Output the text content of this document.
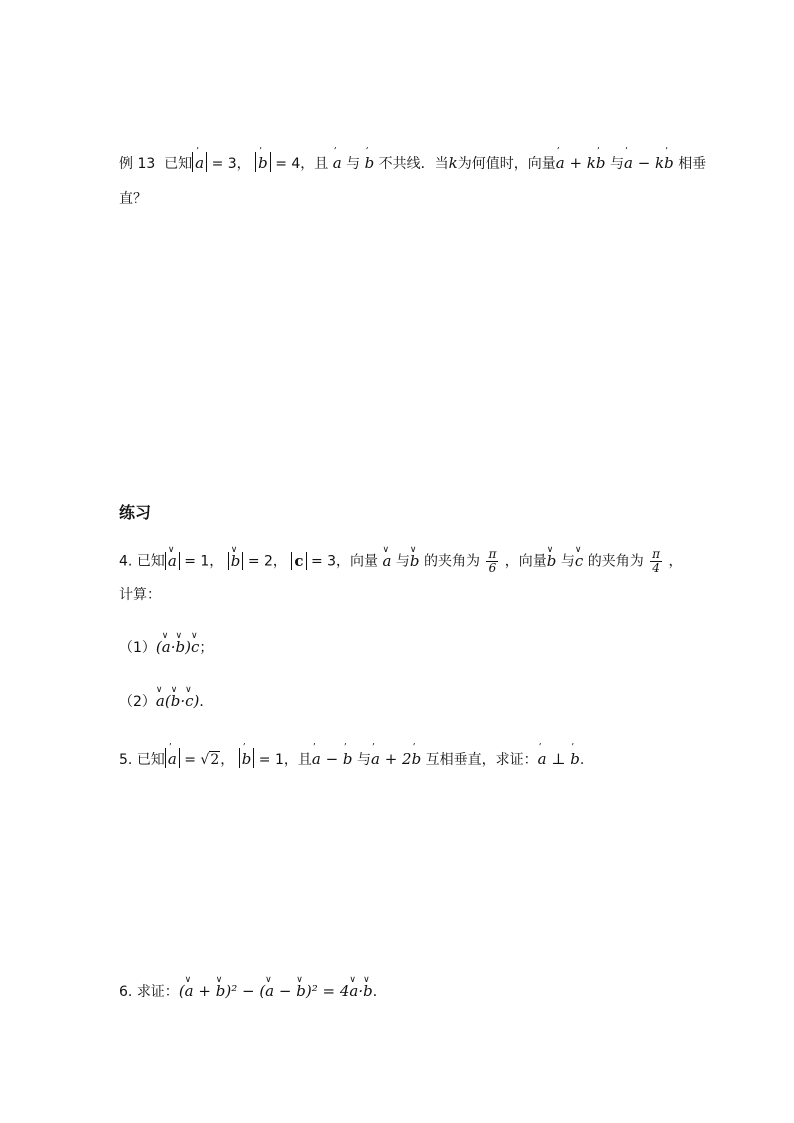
例 13 已知 ’ a = 3， ’ b = 4，且 ’ a 与 ’ b 不共线．当k为何值时，向量’ a + k’ b 与’ a − k’ b 相垂
直？
练习
4. 已知 ∨ a = 1， ∨ b = 2， c = 3，向量 ∨ a 与∨ b 的夹角为 $\frac{\pi}{6}$ ，向量∨ b 与∨ c 的夹角为 $\frac{\pi}{4}$ ，
计算：
（1）(∨ a·∨ b)∨ c；
（2）∨ a(∨ b·∨ c)．
5. 已知 ’ a = √2， ’ b = 1，且’ a − ’ b 与’ a + 2’ b 互相垂直，求证：’ a ⊥ ’ b.
6. 求证：(∨ a + ∨ b)² − (∨ a − ∨ b)² = 4∨ a·∨ b．
